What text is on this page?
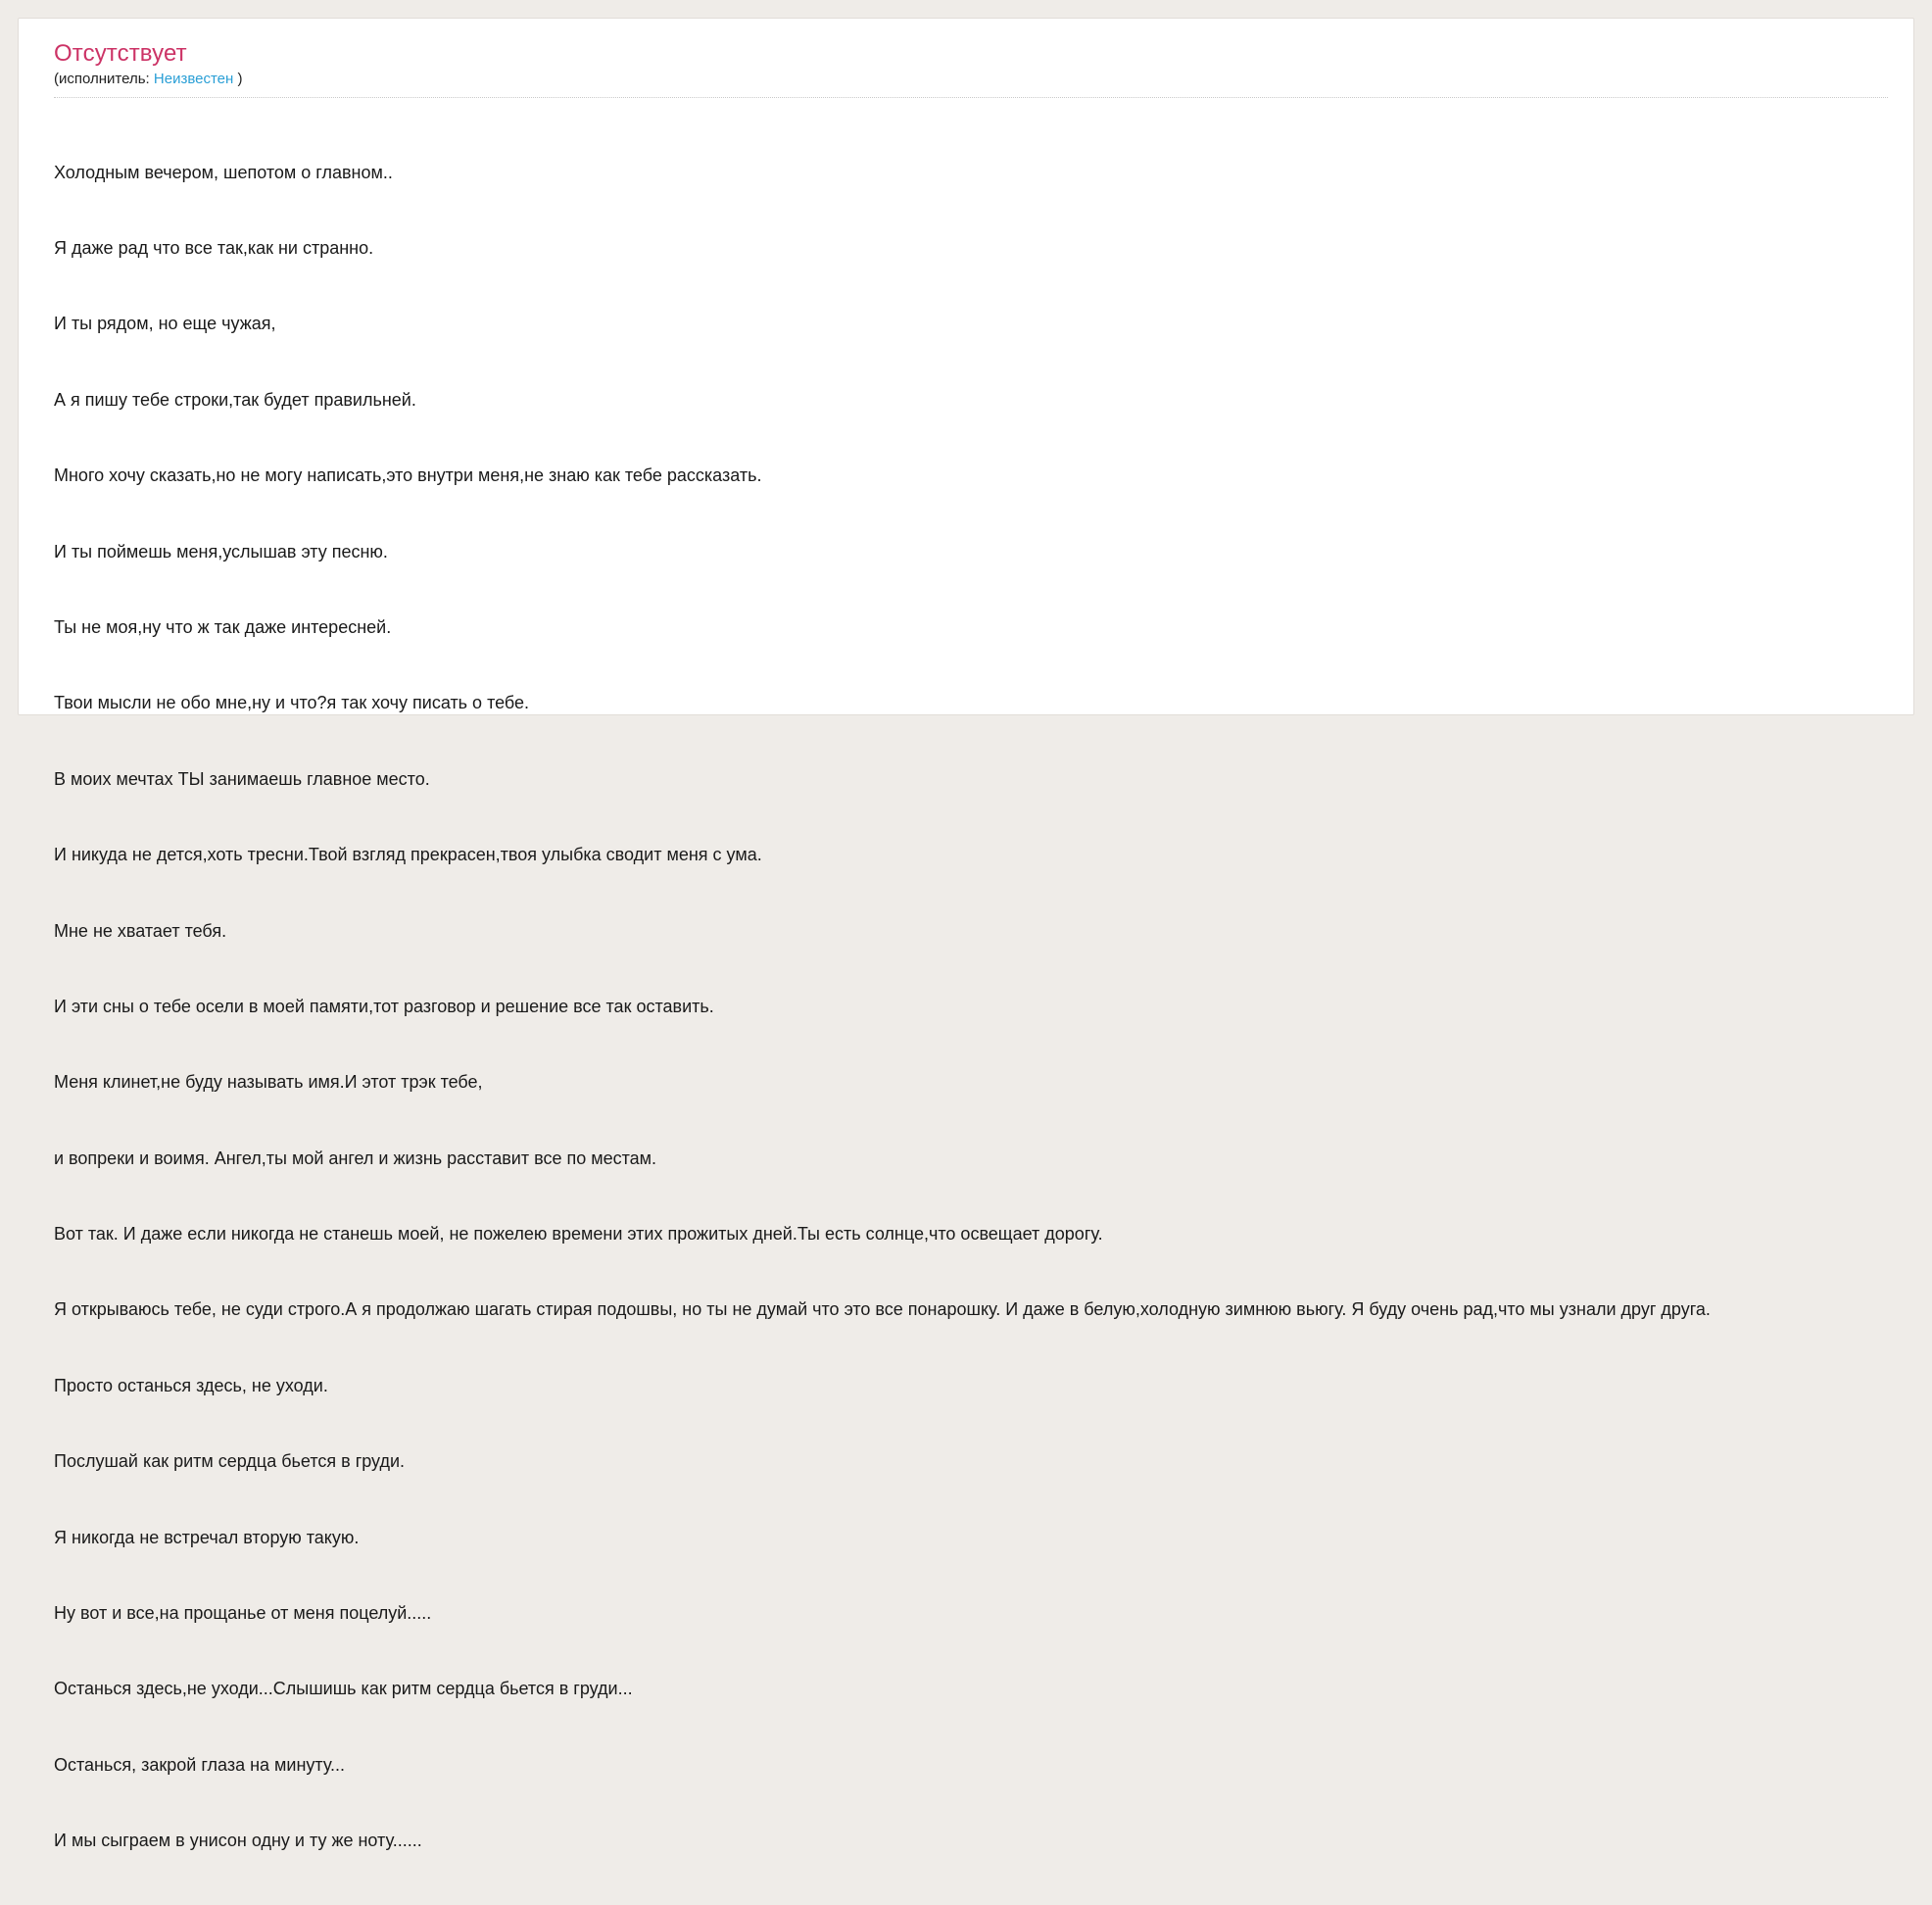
Отсутствует
(исполнитель: Неизвестен )

Холодным вечером, шепотом о главном..

Я даже рад что все так,как ни странно.

И ты рядом, но еще чужая,

А я пишу тебе строки,так будет правильней.

Много хочу сказать,но не могу написать,это внутри меня,не знаю как тебе рассказать.

И ты поймешь меня,услышав эту песню.

Ты не моя,ну что ж так даже интересней.

Твои мысли не обо мне,ну и что?я так хочу писать о тебе.

В моих мечтах ТЫ занимаешь главное место.

И никуда не дется,хоть тресни.Твой взгляд прекрасен,твоя улыбка сводит меня с ума.

Мне не хватает тебя.

И эти сны о тебе осели в моей памяти,тот разговор и решение все так оставить.

Меня клинет,не буду называть имя.И этот трэк тебе,

и вопреки и воимя. Ангел,ты мой ангел и жизнь расставит все по местам.

Вот так. И даже если никогда не станешь моей, не пожелею времени этих прожитых дней.Ты есть солнце,что освещает дорогу.

Я открываюсь тебе, не суди строго.А я продолжаю шагать стирая подошвы, но ты не думай что это все понарошку. И даже в белую,холодную зимнюю вьюгу. Я буду очень рад,что мы узнали друг друга.

Просто останься здесь, не уходи.

Послушай как ритм сердца бьется в груди.

Я никогда не встречал вторую такую.

Ну вот и все,на прощанье от меня поцелуй.....

Останься здесь,не уходи...Слышишь как ритм сердца бьется в груди...

Останься, закрой глаза на минуту...

И мы сыграем в унисон одну и ту же ноту......
